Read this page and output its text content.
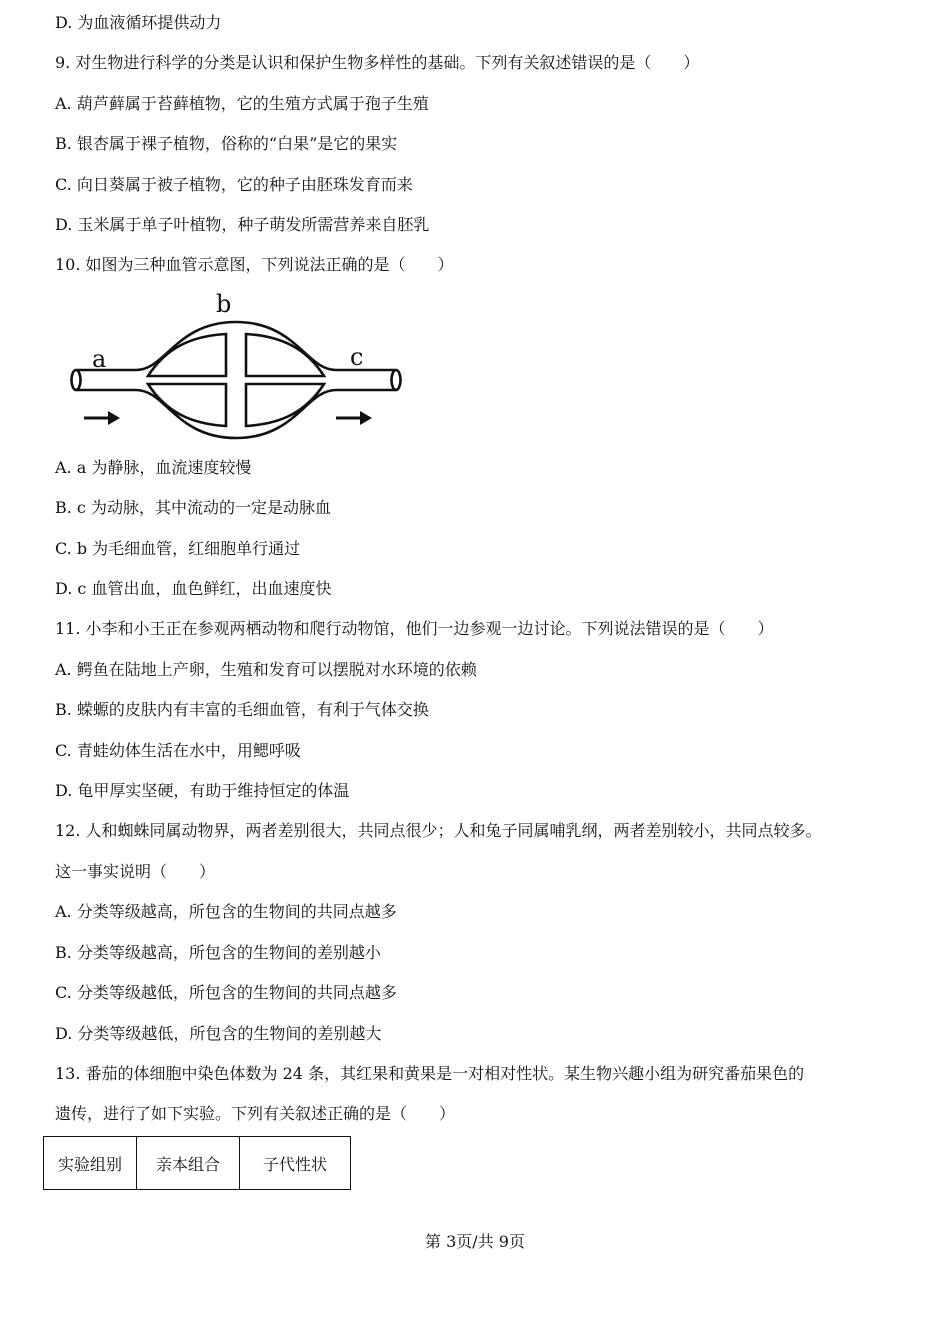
D. 为血液循环提供动力
9. 对生物进行科学的分类是认识和保护生物多样性的基础。下列有关叙述错误的是（　　）
A. 葫芦藓属于苔藓植物，它的生殖方式属于孢子生殖
B. 银杏属于裸子植物，俗称的“白果”是它的果实
C. 向日葵属于被子植物，它的种子由胚珠发育而来
D. 玉米属于单子叶植物，种子萌发所需营养来自胚乳
10. 如图为三种血管示意图，下列说法正确的是（　　）
a
b
c
A. a 为静脉，血流速度较慢
B. c 为动脉，其中流动的一定是动脉血
C. b 为毛细血管，红细胞单行通过
D. c 血管出血，血色鲜红，出血速度快
11. 小李和小王正在参观两栖动物和爬行动物馆，他们一边参观一边讨论。下列说法错误的是（　　）
A. 鳄鱼在陆地上产卵，生殖和发育可以摆脱对水环境的依赖
B. 蝾螈的皮肤内有丰富的毛细血管，有利于气体交换
C. 青蛙幼体生活在水中，用鳃呼吸
D. 龟甲厚实坚硬，有助于维持恒定的体温
12. 人和蜘蛛同属动物界，两者差别很大，共同点很少；人和兔子同属哺乳纲，两者差别较小，共同点较多。
这一事实说明（　　）
A. 分类等级越高，所包含的生物间的共同点越多
B. 分类等级越高，所包含的生物间的差别越小
C. 分类等级越低，所包含的生物间的共同点越多
D. 分类等级越低，所包含的生物间的差别越大
13. 番茄的体细胞中染色体数为 24 条，其红果和黄果是一对相对性状。某生物兴趣小组为研究番茄果色的
遗传，进行了如下实验。下列有关叙述正确的是（　　）
实验组别	亲本组合	子代性状
第 3页/共 9页
